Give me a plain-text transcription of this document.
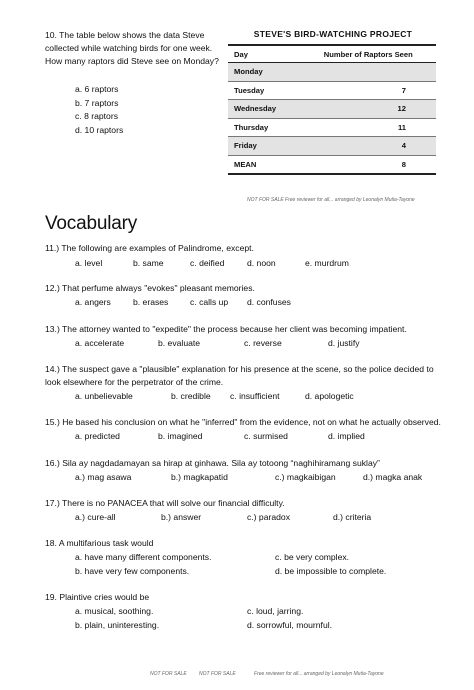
10. The table below shows the data Steve collected while watching birds for one week. How many raptors did Steve see on Monday?
a. 6 raptors
b. 7 raptors
c. 8 raptors
d. 10 raptors
STEVE'S BIRD-WATCHING PROJECT
Day	Number of Raptors Seen
Monday	
Tuesday	7
Wednesday	12
Thursday	11
Friday	4
MEAN	8
NOT FOR SALE Free reviewer for all... arranged by Leonalyn Mutia-Tayone
Vocabulary
11.) The following are examples of Palindrome, except.
a. level	b. same	c. deified	d. noon	e. murdrum
12.) That perfume always "evokes" pleasant memories.
a. angers	b. erases	c. calls up d. confuses
13.) The attorney wanted to "expedite" the process because her client was becoming impatient.
a. accelerate	b. evaluate	c. reverse	d. justify
14.) The suspect gave a "plausible" explanation for his presence at the scene, so the police decided to
look elsewhere for the perpetrator of the crime.
a. unbelievable	b. credible c. insufficient	d. apologetic
15.) He based his conclusion on what he "inferred" from the evidence, not on what he actually observed.
a. predicted	b. imagined	c. surmised	d. implied
16.) Sila ay nagdadamayan sa hirap at ginhawa. Sila ay totoong “naghihiramang suklay”
a.) mag asawa	b.) magkapatid	c.) magkaibigan	d.) magka anak
17.) There is no PANACEA that will solve our financial difficulty.
a.) cure-all	b.) answer	c.) paradox	d.) criteria
18. A multifarious task would
a. have many different components.	c. be very complex.
b. have very few components.	d. be impossible to complete.
19. Plaintive cries would be
a. musical, soothing.	c. loud, jarring.
b. plain, uninteresting.	d. sorrowful, mournful.
NOT FOR SALE NOT FOR SALE	Free reviewer for all... arranged by Leonalyn Mutia-Tayone
